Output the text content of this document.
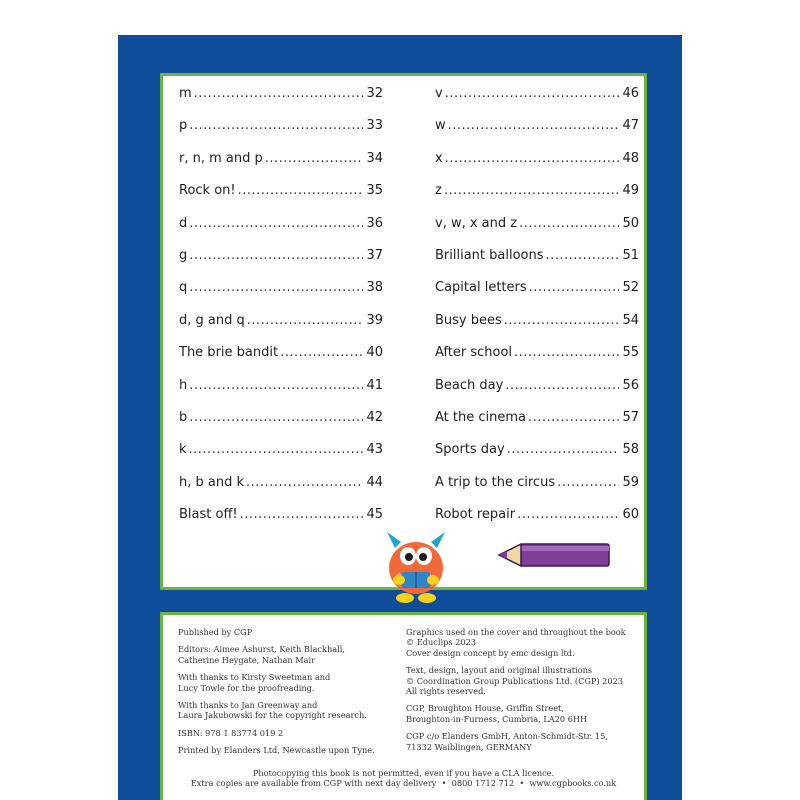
m .....	32
p .....	33
r, n, m and p .....	34
Rock on! .....	35
d .....	36
g .....	37
q .....	38
d, g and q .....	39
The brie bandit .....	40
h .....	41
b .....	42
k .....	43
h, b and k .....	44
Blast off! .....	45
v .....	46
w .....	47
x .....	48
z .....	49
v, w, x and z .....	50
Brilliant balloons .....	51
Capital letters .....	52
Busy bees .....	54
After school .....	55
Beach day .....	56
At the cinema .....	57
Sports day .....	58
A trip to the circus .....	59
Robot repair .....	60
Published by CGP
Editors: Aimee Ashurst, Keith Blackhall,
Catherine Heygate, Nathan Mair
With thanks to Kirsty Sweetman and
Lucy Towle for the proofreading.
With thanks to Jan Greenway and
Laura Jakubowski for the copyright research.
ISBN: 978 1 83774 019 2
Printed by Elanders Ltd, Newcastle upon Tyne.
Graphics used on the cover and throughout the book
© Educlips 2023
Cover design concept by emc design ltd.
Text, design, layout and original illustrations
© Coordination Group Publications Ltd. (CGP) 2023
All rights reserved.
CGP, Broughton House, Griffin Street,
Broughton-in-Furness, Cumbria, LA20 6HH
CGP c/o Elanders GmbH, Anton-Schmidt-Str. 15,
71332 Waiblingen, GERMANY
Photocopying this book is not permitted, even if you have a CLA licence.
Extra copies are available from CGP with next day delivery  •  0800 1712 712  •  www.cgpbooks.co.uk
